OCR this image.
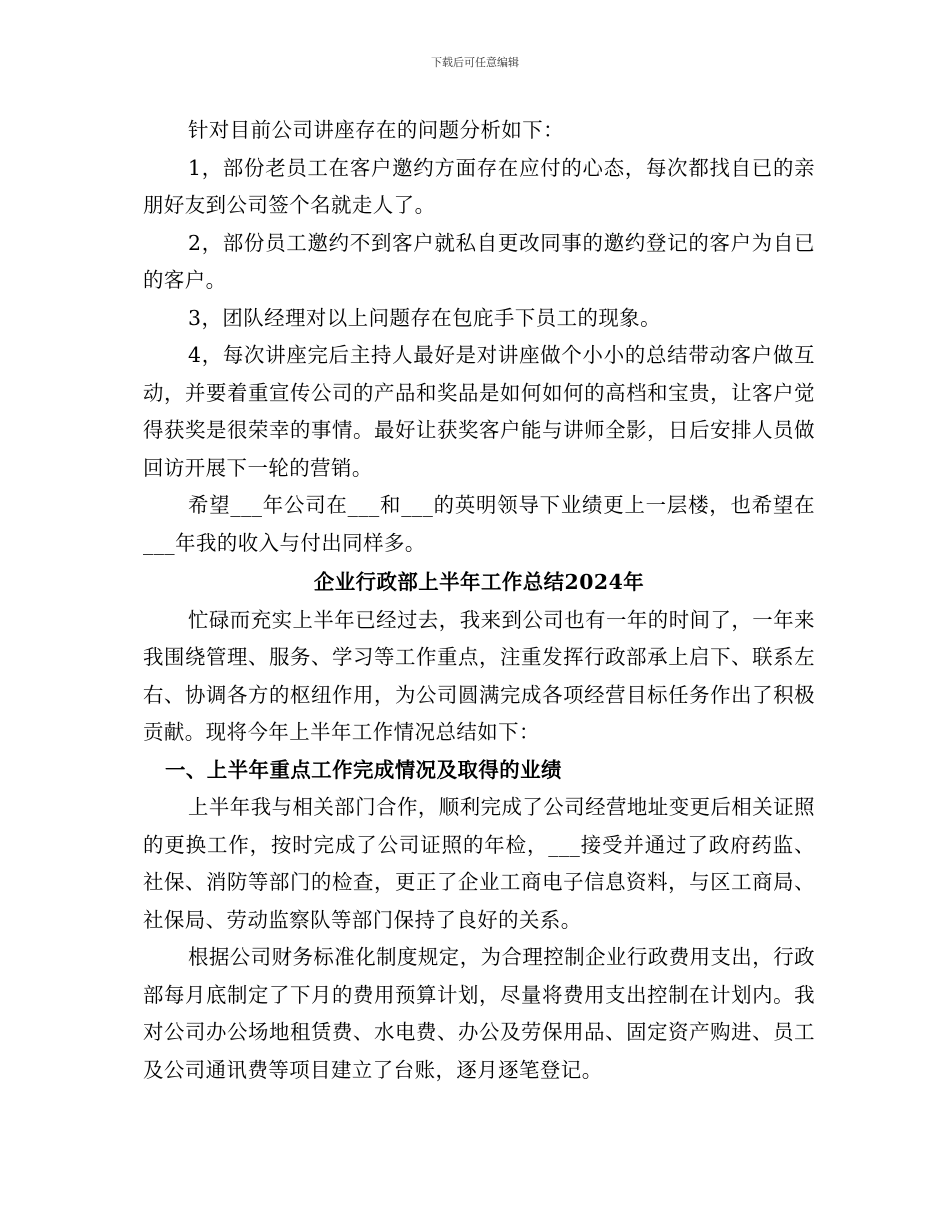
下载后可任意编辑

针对目前公司讲座存在的问题分析如下：

1，部份老员工在客户邀约方面存在应付的心态，每次都找自已的亲朋好友到公司签个名就走人了。

2，部份员工邀约不到客户就私自更改同事的邀约登记的客户为自已的客户。

3，团队经理对以上问题存在包庇手下员工的现象。

4，每次讲座完后主持人最好是对讲座做个小小的总结带动客户做互动，并要着重宣传公司的产品和奖品是如何如何的高档和宝贵，让客户觉得获奖是很荣幸的事情。最好让获奖客户能与讲师全影，日后安排人员做回访开展下一轮的营销。

希望___年公司在___和___的英明领导下业绩更上一层楼，也希望在___年我的收入与付出同样多。

企业行政部上半年工作总结2024年

忙碌而充实上半年已经过去，我来到公司也有一年的时间了，一年来我围绕管理、服务、学习等工作重点，注重发挥行政部承上启下、联系左右、协调各方的枢纽作用，为公司圆满完成各项经营目标任务作出了积极贡献。现将今年上半年工作情况总结如下：

一、上半年重点工作完成情况及取得的业绩

上半年我与相关部门合作，顺利完成了公司经营地址变更后相关证照的更换工作，按时完成了公司证照的年检，___接受并通过了政府药监、社保、消防等部门的检查，更正了企业工商电子信息资料，与区工商局、社保局、劳动监察队等部门保持了良好的关系。

根据公司财务标准化制度规定，为合理控制企业行政费用支出，行政部每月底制定了下月的费用预算计划，尽量将费用支出控制在计划内。我对公司办公场地租赁费、水电费、办公及劳保用品、固定资产购进、员工及公司通讯费等项目建立了台账，逐月逐笔登记。
